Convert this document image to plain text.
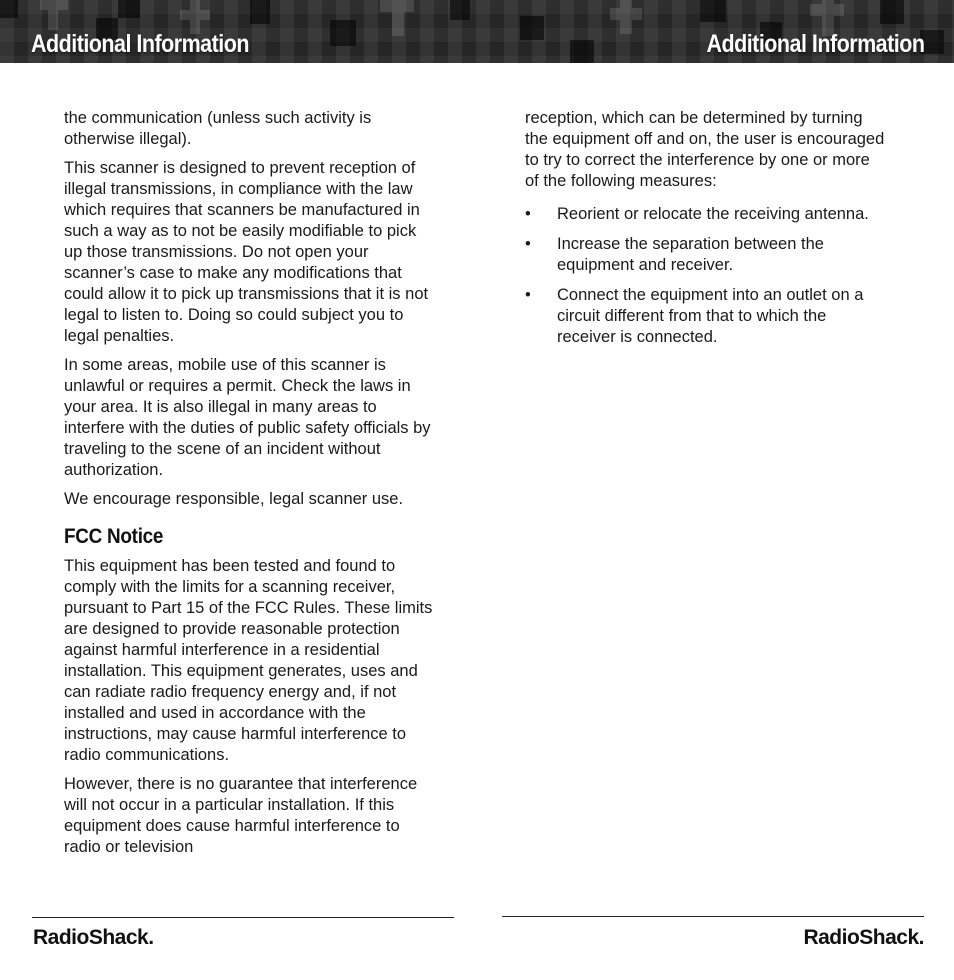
Additional Information	Additional Information

the communication (unless such activity is otherwise illegal).

This scanner is designed to prevent reception of illegal transmissions, in compliance with the law which requires that scanners be manufactured in such a way as to not be easily modifiable to pick up those transmissions. Do not open your scanner’s case to make any modifications that could allow it to pick up transmissions that it is not legal to listen to. Doing so could subject you to legal penalties.

In some areas, mobile use of this scanner is unlawful or requires a permit. Check the laws in your area. It is also illegal in many areas to interfere with the duties of public safety officials by traveling to the scene of an incident without authorization.

We encourage responsible, legal scanner use.

FCC Notice

This equipment has been tested and found to comply with the limits for a scanning receiver, pursuant to Part 15 of the FCC Rules. These limits are designed to provide reasonable protection against harmful interference in a residential installation. This equipment generates, uses and can radiate radio frequency energy and, if not installed and used in accordance with the instructions, may cause harmful interference to radio communications.

However, there is no guarantee that interference will not occur in a particular installation. If this equipment does cause harmful interference to radio or television

reception, which can be determined by turning the equipment off and on, the user is encouraged to try to correct the interference by one or more of the following measures:

• Reorient or relocate the receiving antenna.
• Increase the separation between the equipment and receiver.
• Connect the equipment into an outlet on a circuit different from that to which the receiver is connected.
RadioShack.	RadioShack.
